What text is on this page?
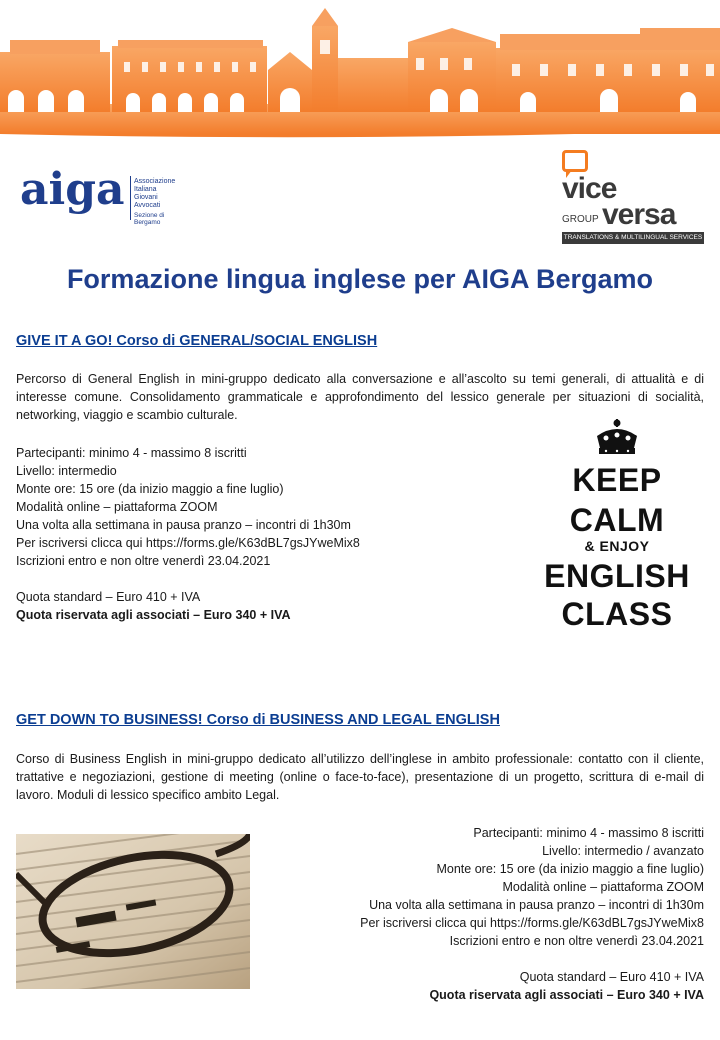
aiga Associazione
Italiana
Giovani
Avvocati
Sezione di Bergamo
vice
GROUP versa
TRANSLATIONS & MULTILINGUAL SERVICES
Formazione lingua inglese per AIGA Bergamo
GIVE IT A GO! Corso di GENERAL/SOCIAL ENGLISH
Percorso di General English in mini-gruppo dedicato alla conversazione e all’ascolto su temi generali, di attualità e di interesse comune. Consolidamento grammaticale e approfondimento del lessico generale per situazioni di socialità, networking, viaggio e scambio culturale.
Partecipanti: minimo 4 - massimo 8 iscritti
Livello: intermedio
Monte ore: 15 ore (da inizio maggio a fine luglio)
Modalità online – piattaforma ZOOM
Una volta alla settimana in pausa pranzo – incontri di 1h30m
Per iscriversi clicca qui https://forms.gle/K63dBL7gsJYweMix8
Iscrizioni entro e non oltre venerdì 23.04.2021
Quota standard – Euro 410 + IVA
Quota riservata agli associati – Euro 340 + IVA
KEEP
CALM
& ENJOY
ENGLISH
CLASS
GET DOWN TO BUSINESS! Corso di BUSINESS AND LEGAL ENGLISH
Corso di Business English in mini-gruppo dedicato all’utilizzo dell’inglese in ambito professionale: contatto con il cliente, trattative e negoziazioni, gestione di meeting (online o face-to-face), presentazione di un progetto, scrittura di e-mail di lavoro. Moduli di lessico specifico ambito Legal.
Partecipanti: minimo 4 - massimo 8 iscritti
Livello: intermedio / avanzato
Monte ore: 15 ore (da inizio maggio a fine luglio)
Modalità online – piattaforma ZOOM
Una volta alla settimana in pausa pranzo – incontri di 1h30m
Per iscriversi clicca qui https://forms.gle/K63dBL7gsJYweMix8
Iscrizioni entro e non oltre venerdì 23.04.2021
Quota standard – Euro 410 + IVA
Quota riservata agli associati – Euro 340 + IVA
